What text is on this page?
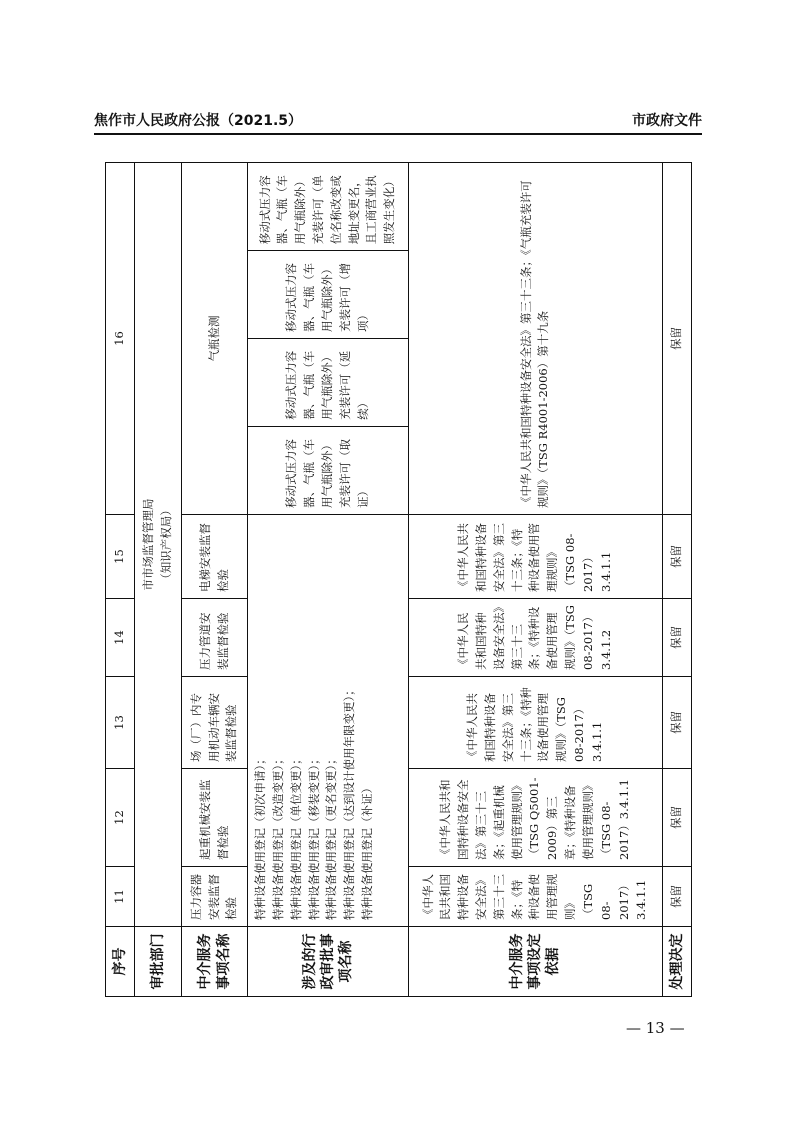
焦作市人民政府公报（2021.5）	市政府文件
序号	11	12	13	14	15	16
审批部门	
市市场监督管理局 （知识产权局）

中介服务事项名称	压力容器安装监督检验	起重机械安装监督检验	场（厂）内专用机动车辆安装监督检验	压力管道安装监督检验	电梯安装监督检验	气瓶检测
涉及的行政审批事项名称	
特种设备使用登记（初次申请）； 特种设备使用登记（改造变更）； 特种设备使用登记（单位变更）； 特种设备使用登记（移装变更）； 特种设备使用登记（更名变更）； 特种设备使用登记（达到设计使用年限变更）； 特种设备使用登记（补证）

移动式压力容器、气瓶（车用气瓶除外）充装许可（取证）	移动式压力容器、气瓶（车用气瓶除外）充装许可（延续）	移动式压力容器、气瓶（车用气瓶除外）充装许可（增项）	移动式压力容器、气瓶（车用气瓶除外）充装许可（单位名称改变或地址变更名，且工商营业执照发生变化）

中介服务事项设定依据	《中华人民共和国特种设备安全法》第三十三条；《特种设备使用管理规则》（TSG 08-2017）3.4.1.1	《中华人民共和国特种设备安全法》第三十三条；《起重机械使用管理规则》（TSG Q5001-2009）第三章；《特种设备使用管理规则》（TSG 08-2017）3.4.1.1	《中华人民共和国特种设备安全法》第三十三条；《特种设备使用管理规则》（TSG 08-2017）3.4.1.1	《中华人民共和国特种设备安全法》第三十三条；《特种设备使用管理规则》（TSG 08-2017）3.4.1.2	《中华人民共和国特种设备安全法》第三十三条；《特种设备使用管理规则》（TSG 08-2017）3.4.1.1	《中华人民共和国特种设备安全法》第三十三条；《气瓶充装许可规则》（TSG R4001-2006）第十九条
处理决定	保留	保留	保留	保留	保留	保留
— 13 —
